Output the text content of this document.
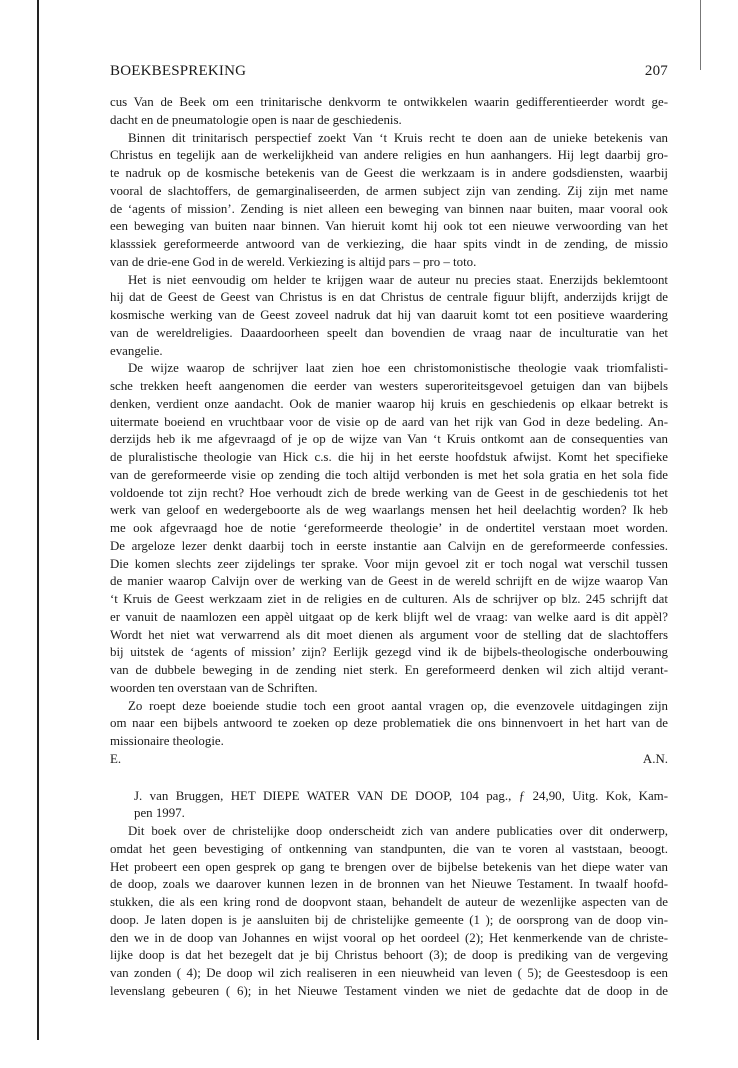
BOEKBESPREKING	207
cus Van de Beek om een trinitarische denkvorm te ontwikkelen waarin gedifferentieerder wordt ge-
dacht en de pneumatologie open is naar de geschiedenis.
Binnen dit trinitarisch perspectief zoekt Van ‘t Kruis recht te doen aan de unieke betekenis van
Christus en tegelijk aan de werkelijkheid van andere religies en hun aanhangers. Hij legt daarbij gro-
te nadruk op de kosmische betekenis van de Geest die werkzaam is in andere godsdiensten, waarbij
vooral de slachtoffers, de gemarginaliseerden, de armen subject zijn van zending. Zij zijn met name
de ‘agents of mission’. Zending is niet alleen een beweging van binnen naar buiten, maar vooral ook
een beweging van buiten naar binnen. Van hieruit komt hij ook tot een nieuwe verwoording van het
klasssiek gereformeerde antwoord van de verkiezing, die haar spits vindt in de zending, de missio
van de drie-ene God in de wereld. Verkiezing is altijd pars – pro – toto.
Het is niet eenvoudig om helder te krijgen waar de auteur nu precies staat. Enerzijds beklemtoont
hij dat de Geest de Geest van Christus is en dat Christus de centrale figuur blijft, anderzijds krijgt de
kosmische werking van de Geest zoveel nadruk dat hij van daaruit komt tot een positieve waardering
van de wereldreligies. Daaardoorheen speelt dan bovendien de vraag naar de inculturatie van het
evangelie.
De wijze waarop de schrijver laat zien hoe een christomonistische theologie vaak triomfalisti-
sche trekken heeft aangenomen die eerder van westers superoriteitsgevoel getuigen dan van bijbels
denken, verdient onze aandacht. Ook de manier waarop hij kruis en geschiedenis op elkaar betrekt is
uitermate boeiend en vruchtbaar voor de visie op de aard van het rijk van God in deze bedeling. An-
derzijds heb ik me afgevraagd of je op de wijze van Van ‘t Kruis ontkomt aan de consequenties van
de pluralistische theologie van Hick c.s. die hij in het eerste hoofdstuk afwijst. Komt het specifieke
van de gereformeerde visie op zending die toch altijd verbonden is met het sola gratia en het sola fide
voldoende tot zijn recht? Hoe verhoudt zich de brede werking van de Geest in de geschiedenis tot het
werk van geloof en wedergeboorte als de weg waarlangs mensen het heil deelachtig worden? Ik heb
me ook afgevraagd hoe de notie ‘gereformeerde theologie’ in de ondertitel verstaan moet worden.
De argeloze lezer denkt daarbij toch in eerste instantie aan Calvijn en de gereformeerde confessies.
Die komen slechts zeer zijdelings ter sprake. Voor mijn gevoel zit er toch nogal wat verschil tussen
de manier waarop Calvijn over de werking van de Geest in de wereld schrijft en de wijze waarop Van
‘t Kruis de Geest werkzaam ziet in de religies en de culturen. Als de schrijver op blz. 245 schrijft dat
er vanuit de naamlozen een appèl uitgaat op de kerk blijft wel de vraag: van welke aard is dit appèl?
Wordt het niet wat verwarrend als dit moet dienen als argument voor de stelling dat de slachtoffers
bij uitstek de ‘agents of mission’ zijn? Eerlijk gezegd vind ik de bijbels-theologische onderbouwing
van de dubbele beweging in de zending niet sterk. En gereformeerd denken wil zich altijd verant-
woorden ten overstaan van de Schriften.
Zo roept deze boeiende studie toch een groot aantal vragen op, die evenzovele uitdagingen zijn
om naar een bijbels antwoord te zoeken op deze problematiek die ons binnenvoert in het hart van de
missionaire theologie.
E.	A.N.
J. van Bruggen, HET DIEPE WATER VAN DE DOOP, 104 pag., ƒ 24,90, Uitg. Kok, Kam-
pen 1997.
Dit boek over de christelijke doop onderscheidt zich van andere publicaties over dit onderwerp,
omdat het geen bevestiging of ontkenning van standpunten, die van te voren al vaststaan, beoogt.
Het probeert een open gesprek op gang te brengen over de bijbelse betekenis van het diepe water van
de doop, zoals we daarover kunnen lezen in de bronnen van het Nieuwe Testament. In twaalf hoofd-
stukken, die als een kring rond de doopvont staan, behandelt de auteur de wezenlijke aspecten van de
doop. Je laten dopen is je aansluiten bij de christelijke gemeente (1 ); de oorsprong van de doop vin-
den we in de doop van Johannes en wijst vooral op het oordeel (2); Het kenmerkende van de christe-
lijke doop is dat het bezegelt dat je bij Christus behoort (3); de doop is prediking van de vergeving
van zonden ( 4); De doop wil zich realiseren in een nieuwheid van leven ( 5); de Geestesdoop is een
levenslang gebeuren ( 6); in het Nieuwe Testament vinden we niet de gedachte dat de doop in de
